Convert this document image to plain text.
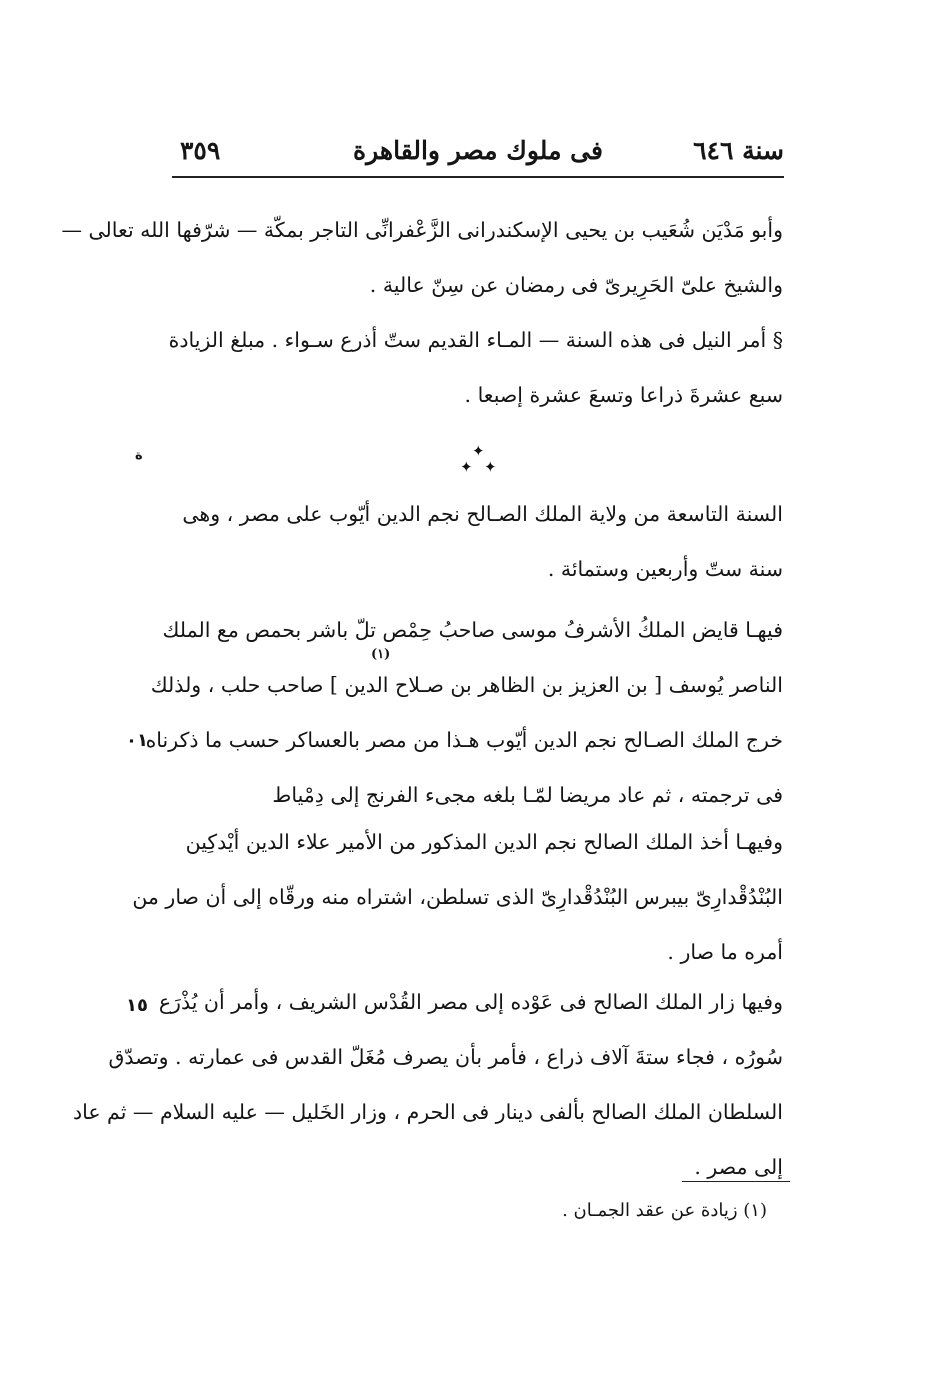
سنة ٦٤٦
فى ملوك مصر والقاهرة
٣٥٩
وأبو مَدْيَن شُعَيب بن يحيى الإسكندرانى الزَّعْفرانِّى التاجر بمكّة — شرّفها الله تعالى —
والشيخ علىّ الحَرِيرىّ فى رمضان عن سِنّ عالية .
§ أمر النيل فى هذه السنة — المـاء القديم ستّ أذرع سـواء . مبلغ الزيادة
سبع عشرةَ ذراعا وتسعَ عشرة إصبعا .
✦
✦ ✦
السنة التاسعة من ولاية الملك الصـالح نجم الدين أيّوب على مصر ، وهى
سنة ستّ وأربعين وستمائة .
فيهـا قايض الملكُ الأشرفُ موسى صاحبُ حِمْص تلّ باشر بحمص مع الملك
الناصر يُوسف [ بن العزيز بن الظاهر بن صـلاح الدين ] صاحب حلب ، ولذلك
خرج الملك الصـالح نجم الدين أيّوب هـذا من مصر بالعساكر حسب ما ذكرناه
فى ترجمته ، ثم عاد مريضا لمّـا بلغه مجىء الفرنج إلى دِمْياط
(١)
وفيهـا أخذ الملك الصالح نجم الدين المذكور من الأمير علاء الدين أيْدكِين
البُنْدُقْدارِىّ بيبرس البُنْدُقْدارِىّ الذى تسلطن، اشتراه منه ورقّاه إلى أن صار من
أمره ما صار .
وفيها زار الملك الصالح فى عَوْده إلى مصر القُدْس الشريف ، وأمر أن يُذْرَع
سُورُه ، فجاء ستةَ آلاف ذراع ، فأمر بأن يصرف مُغَلّ القدس فى عمارته . وتصدّق
السلطان الملك الصالح بألفى دينار فى الحرم ، وزار الخَليل — عليه السلام — ثم عاد
إلى مصر .
ة
٠١
١٥
(١) زيادة عن عقد الجمـان .
